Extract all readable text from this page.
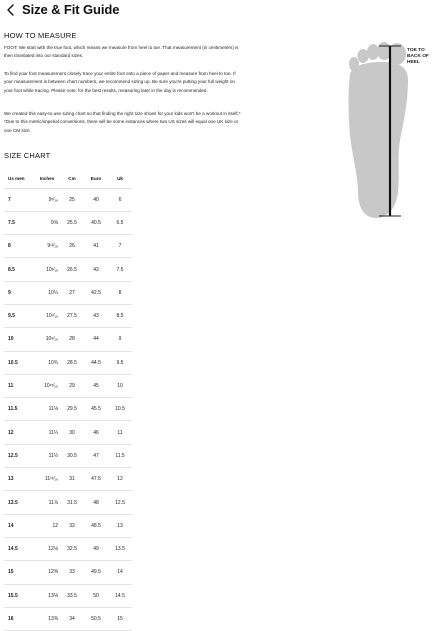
Size & Fit Guide
HOW TO MEASURE

FOOT: We start with the true foot, which means we measure from heel to toe. That measurement (in centimeters) is then translated into our standard sizes.

To find your foot measurement closely trace your entire foot onto a piece of paper and measure from heel to toe. If your measurement is between chart numbers, we recommend sizing up. Be sure you're putting your full weight on your foot while tracing. Please note: for the best results, measuring later in the day is recommended.

We created this easy-to-use sizing chart so that finding the right size shoes for your kids won't be a workout in itself.* *Due to this metric/imperial conversions, there will be some instances where two US sizes will equal one UK size or one CM size.

TOE TO BACK OF HEEL
SIZE CHART
Us men	Inches	Cm	Euro	Uk
7	9⁵⁄₁₆	25	40	6
7.5	9⅝	25.5	40.5	6.5
8	9¹³⁄₁₆	26	41	7
8.5	10¹⁄₁₆	26.5	42	7.5
9	10¼	27	42.5	8
9.5	10⁷⁄₁₆	27.5	43	8.5
10	10⁹⁄₁₆	28	44	9
10.5	10¾	28.5	44.5	9.5
11	10¹⁵⁄₁₆	29	45	10
11.5	11⅛	29.5	45.5	10.5
12	11¼	30	46	11
12.5	11½	30.5	47	11.5
13	11¹¹⁄₁₆	31	47.5	12
13.5	11⅞	31.5	48	12.5
14	12	32	48.5	13
14.5	12⅛	32.5	49	13.5
15	12⅜	33	49.5	14
15.5	13⅛	33.5	50	14.5
16	13⅜	34	50.5	15
